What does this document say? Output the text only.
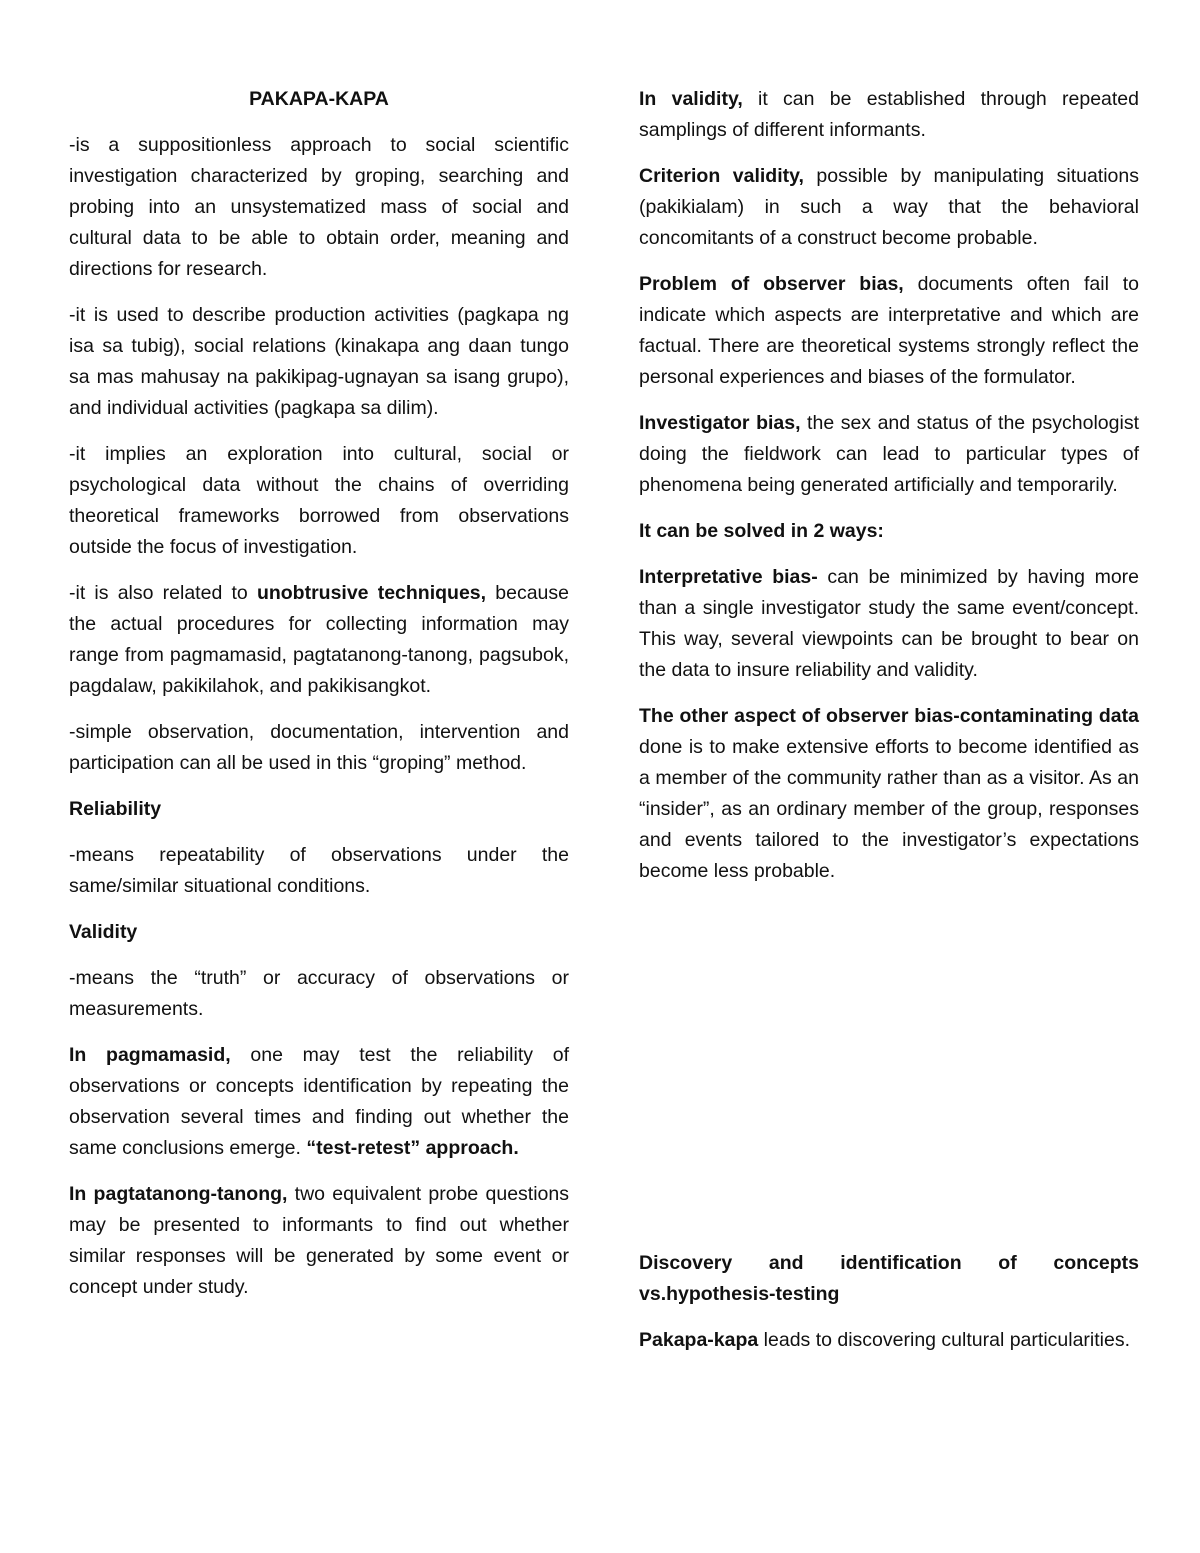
PAKAPA-KAPA

-is a suppositionless approach to social scientific investigation characterized by groping, searching and probing into an unsystematized mass of social and cultural data to be able to obtain order, meaning and directions for research.

-it is used to describe production activities (pagkapa ng isa sa tubig), social relations (kinakapa ang daan tungo sa mas mahusay na pakikipag-ugnayan sa isang grupo), and individual activities (pagkapa sa dilim).

-it implies an exploration into cultural, social or psychological data without the chains of overriding theoretical frameworks borrowed from observations outside the focus of investigation.

-it is also related to unobtrusive techniques, because the actual procedures for collecting information may range from pagmamasid, pagtatanong-tanong, pagsubok, pagdalaw, pakikilahok, and pakikisangkot.

-simple observation, documentation, intervention and participation can all be used in this “groping” method.

Reliability

-means repeatability of observations under the same/similar situational conditions.

Validity

-means the “truth” or accuracy of observations or measurements.

In pagmamasid, one may test the reliability of observations or concepts identification by repeating the observation several times and finding out whether the same conclusions emerge. “test-retest” approach.

In pagtatanong-tanong, two equivalent probe questions may be presented to informants to find out whether similar responses will be generated by some event or concept under study.

In validity, it can be established through repeated samplings of different informants.

Criterion validity, possible by manipulating situations (pakikialam) in such a way that the behavioral concomitants of a construct become probable.

Problem of observer bias, documents often fail to indicate which aspects are interpretative and which are factual. There are theoretical systems strongly reflect the personal experiences and biases of the formulator.

Investigator bias, the sex and status of the psychologist doing the fieldwork can lead to particular types of phenomena being generated artificially and temporarily.

It can be solved in 2 ways:

Interpretative bias- can be minimized by having more than a single investigator study the same event/concept. This way, several viewpoints can be brought to bear on the data to insure reliability and validity.

The other aspect of observer bias-contaminating data done is to make extensive efforts to become identified as a member of the community rather than as a visitor. As an “insider”, as an ordinary member of the group, responses and events tailored to the investigator’s expectations become less probable.

Discovery and identification of concepts vs.hypothesis-testing

Pakapa-kapa leads to discovering cultural particularities.
